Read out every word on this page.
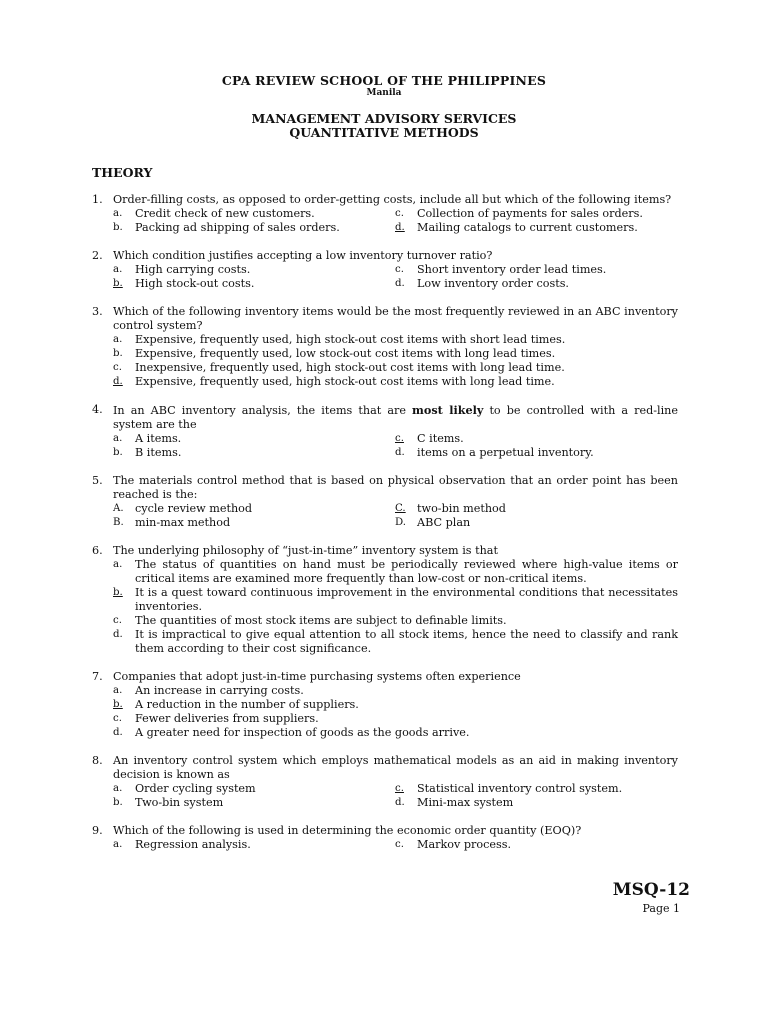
CPA REVIEW SCHOOL OF THE PHILIPPINES
Manila
MANAGEMENT ADVISORY SERVICES
QUANTITATIVE METHODS
THEORY
1. Order-filling costs, as opposed to order-getting costs, include all but which of the following items?
a.	Credit check of new customers.	c.	Collection of payments for sales orders.
b.	Packing ad shipping of sales orders.	d.	Mailing catalogs to current customers.
2. Which condition justifies accepting a low inventory turnover ratio?
a.	High carrying costs.	c.	Short inventory order lead times.
b.	High stock-out costs.	d.	Low inventory order costs.
3. Which of the following inventory items would be the most frequently reviewed in an ABC inventory control system?
a.	Expensive, frequently used, high stock-out cost items with short lead times.
b.	Expensive, frequently used, low stock-out cost items with long lead times.
c.	Inexpensive, frequently used, high stock-out cost items with long lead time.
d.	Expensive, frequently used, high stock-out cost items with long lead time.
4. In an ABC inventory analysis, the items that are most likely to be controlled with a red-line system are the
a.	A items.	c.	C items.
b.	B items.	d.	items on a perpetual inventory.
5. The materials control method that is based on physical observation that an order point has been reached is the:
A.	cycle review method	C.	two-bin method
B.	min-max method	D. ABC plan
6. The underlying philosophy of “just-in-time” inventory system is that
a.	The status of quantities on hand must be periodically reviewed where high-value items or critical items are examined more frequently than low-cost or non-critical items.
b.	It is a quest toward continuous improvement in the environmental conditions that necessitates inventories.
c.	The quantities of most stock items are subject to definable limits.
d.	It is impractical to give equal attention to all stock items, hence the need to classify and rank them according to their cost significance.
7. Companies that adopt just-in-time purchasing systems often experience
a.	An increase in carrying costs.
b.	A reduction in the number of suppliers.
c.	Fewer deliveries from suppliers.
d.	A greater need for inspection of goods as the goods arrive.
8. An inventory control system which employs mathematical models as an aid in making inventory decision is known as
a.	Order cycling system	c.	Statistical inventory control system.
b.	Two-bin system	d.	Mini-max system
9. Which of the following is used in determining the economic order quantity (EOQ)?
a.	Regression analysis.	c.	Markov process.
MSQ-12
Page 1
